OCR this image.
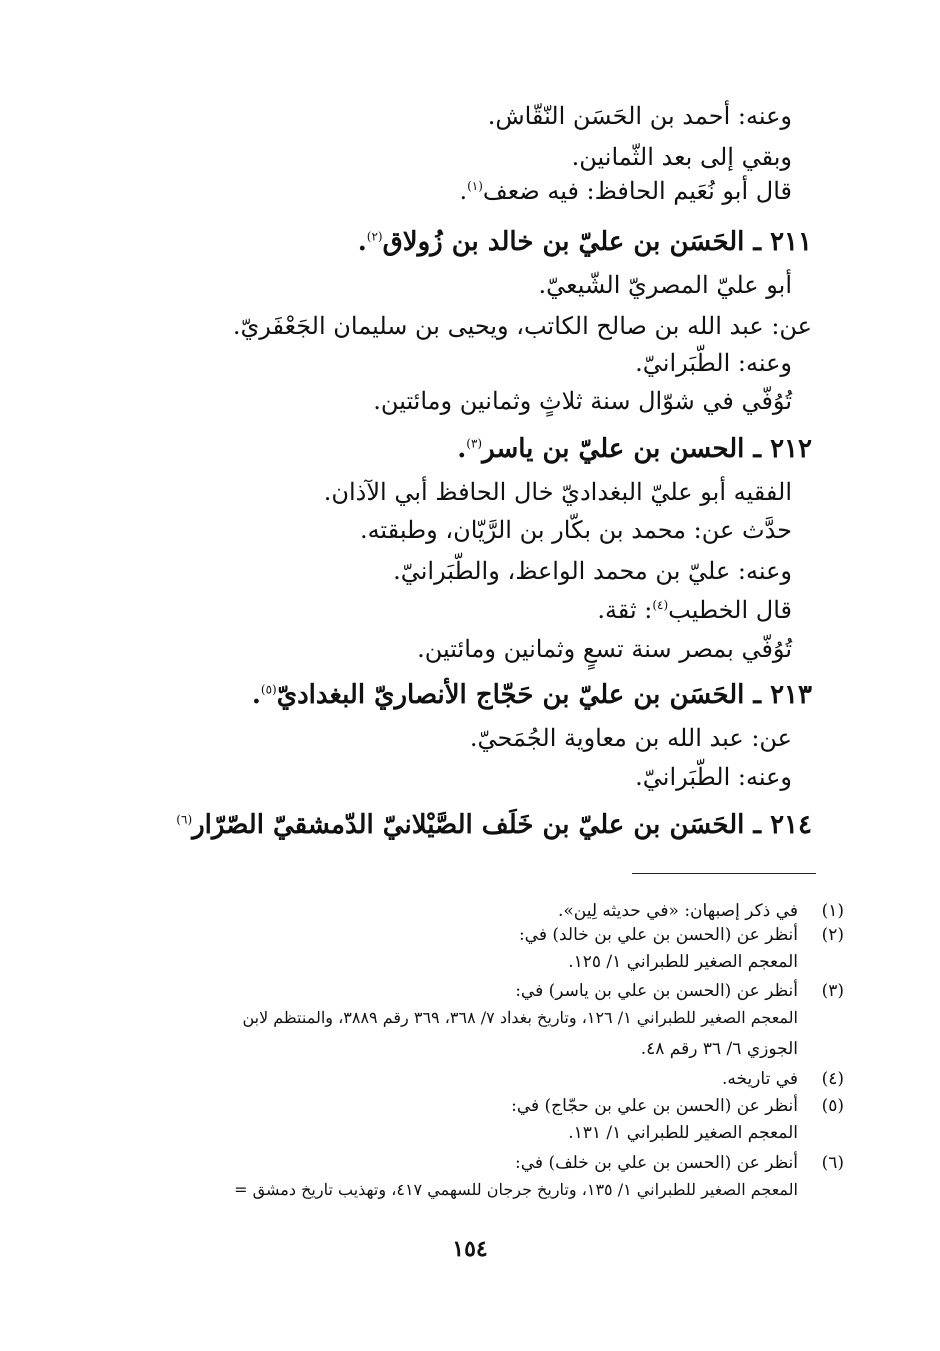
وعنه: أحمد بن الحَسَن النّقّاش.
وبقي إلى بعد الثّمانين.
قال أبو نُعَيم الحافظ: فيه ضعف$^{(١)}$.
٢١١ ـ الحَسَن بن عليّ بن خالد بن زُولاق$^{(٢)}$.
أبو عليّ المصريّ الشّيعيّ.
عن: عبد الله بن صالح الكاتب، ويحيى بن سليمان الجَعْفَريّ.
وعنه: الطّبَرانيّ.
تُوُفّي في شوّال سنة ثلاثٍ وثمانين ومائتين.
٢١٢ ـ الحسن بن عليّ بن ياسر$^{(٣)}$.
الفقيه أبو عليّ البغداديّ خال الحافظ أبي الآذان.
حدَّث عن: محمد بن بكّار بن الرَّيّان، وطبقته.
وعنه: عليّ بن محمد الواعظ، والطّبَرانيّ.
قال الخطيب$^{(٤)}$: ثقة.
تُوُفّي بمصر سنة تسعٍ وثمانين ومائتين.
٢١٣ ـ الحَسَن بن عليّ بن حَجّاج الأنصاريّ البغداديّ$^{(٥)}$.
عن: عبد الله بن معاوية الجُمَحيّ.
وعنه: الطّبَرانيّ.
٢١٤ ـ الحَسَن بن عليّ بن خَلَف الصَّيْلانيّ الدّمشقيّ الصّرّار$^{(٦)}$
(١)في ذكر إصبهان: «في حديثه لِين».
(٢)أنظر عن (الحسن بن علي بن خالد) في:
المعجم الصغير للطبراني ١/ ١٢٥.
(٣)أنظر عن (الحسن بن علي بن ياسر) في:
المعجم الصغير للطبراني ١/ ١٢٦، وتاريخ بغداد ٧/ ٣٦٨، ٣٦٩ رقم ٣٨٨٩، والمنتظم لابن
الجوزي ٦/ ٣٦ رقم ٤٨.
(٤)في تاريخه.
(٥)أنظر عن (الحسن بن علي بن حجّاج) في:
المعجم الصغير للطبراني ١/ ١٣١.
(٦)أنظر عن (الحسن بن علي بن خلف) في:
المعجم الصغير للطبراني ١/ ١٣٥، وتاريخ جرجان للسهمي ٤١٧، وتهذيب تاريخ دمشق =
١٥٤
